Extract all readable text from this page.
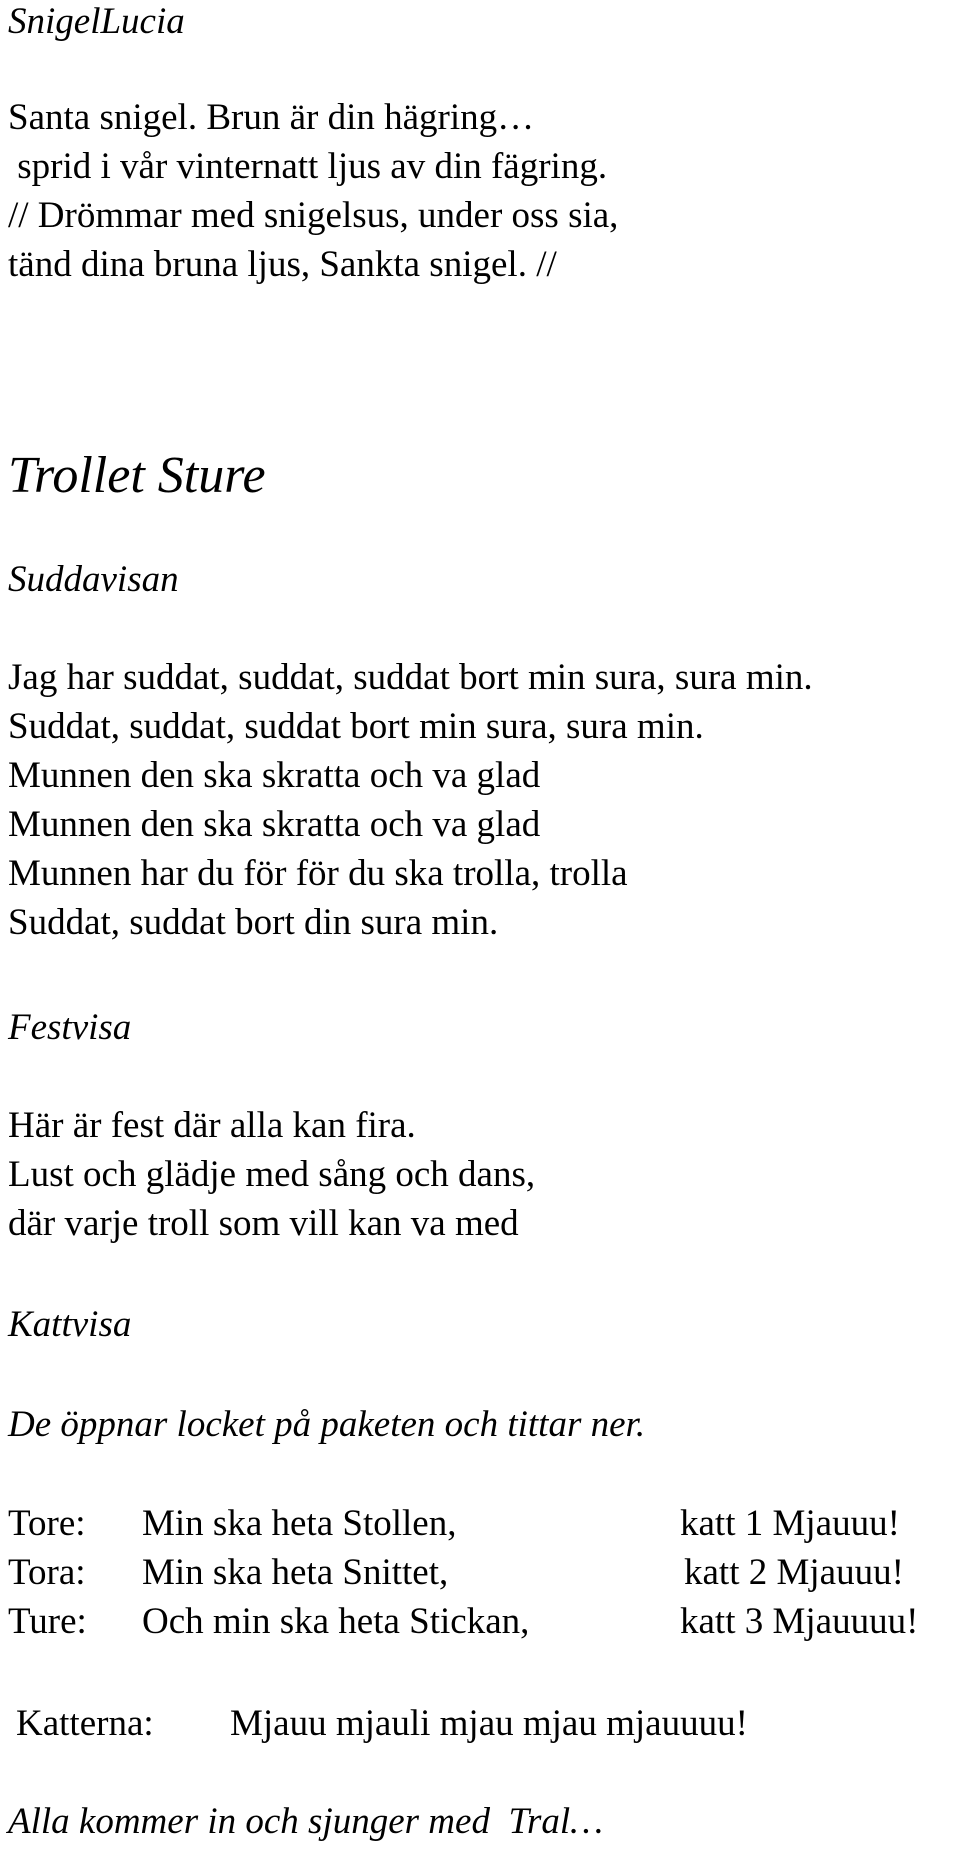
SnigelLucia
Santa snigel. Brun är din hägring…
sprid i vår vinternatt ljus av din fägring.
// Drömmar med snigelsus, under oss sia,
tänd dina bruna ljus, Sankta snigel. //
Trollet Sture
Suddavisan
Jag har suddat, suddat, suddat bort min sura, sura min.
Suddat, suddat, suddat bort min sura, sura min.
Munnen den ska skratta och va glad
Munnen den ska skratta och va glad
Munnen har du för för du ska trolla, trolla
Suddat, suddat bort din sura min.
Festvisa
Här är fest där alla kan fira.
Lust och glädje med sång och dans,
där varje troll som vill kan va med
Kattvisa
De öppnar locket på paketen och tittar ner.
Tore: Min ska heta Stollen,	katt 1 Mjauuu!
Tora: Min ska heta Snittet,	katt 2 Mjauuu!
Ture: Och min ska heta Stickan,	katt 3 Mjauuuu!
Katterna: Mjauu mjauli mjau mjau mjauuuu!
Alla kommer in och sjunger med  Tral…
